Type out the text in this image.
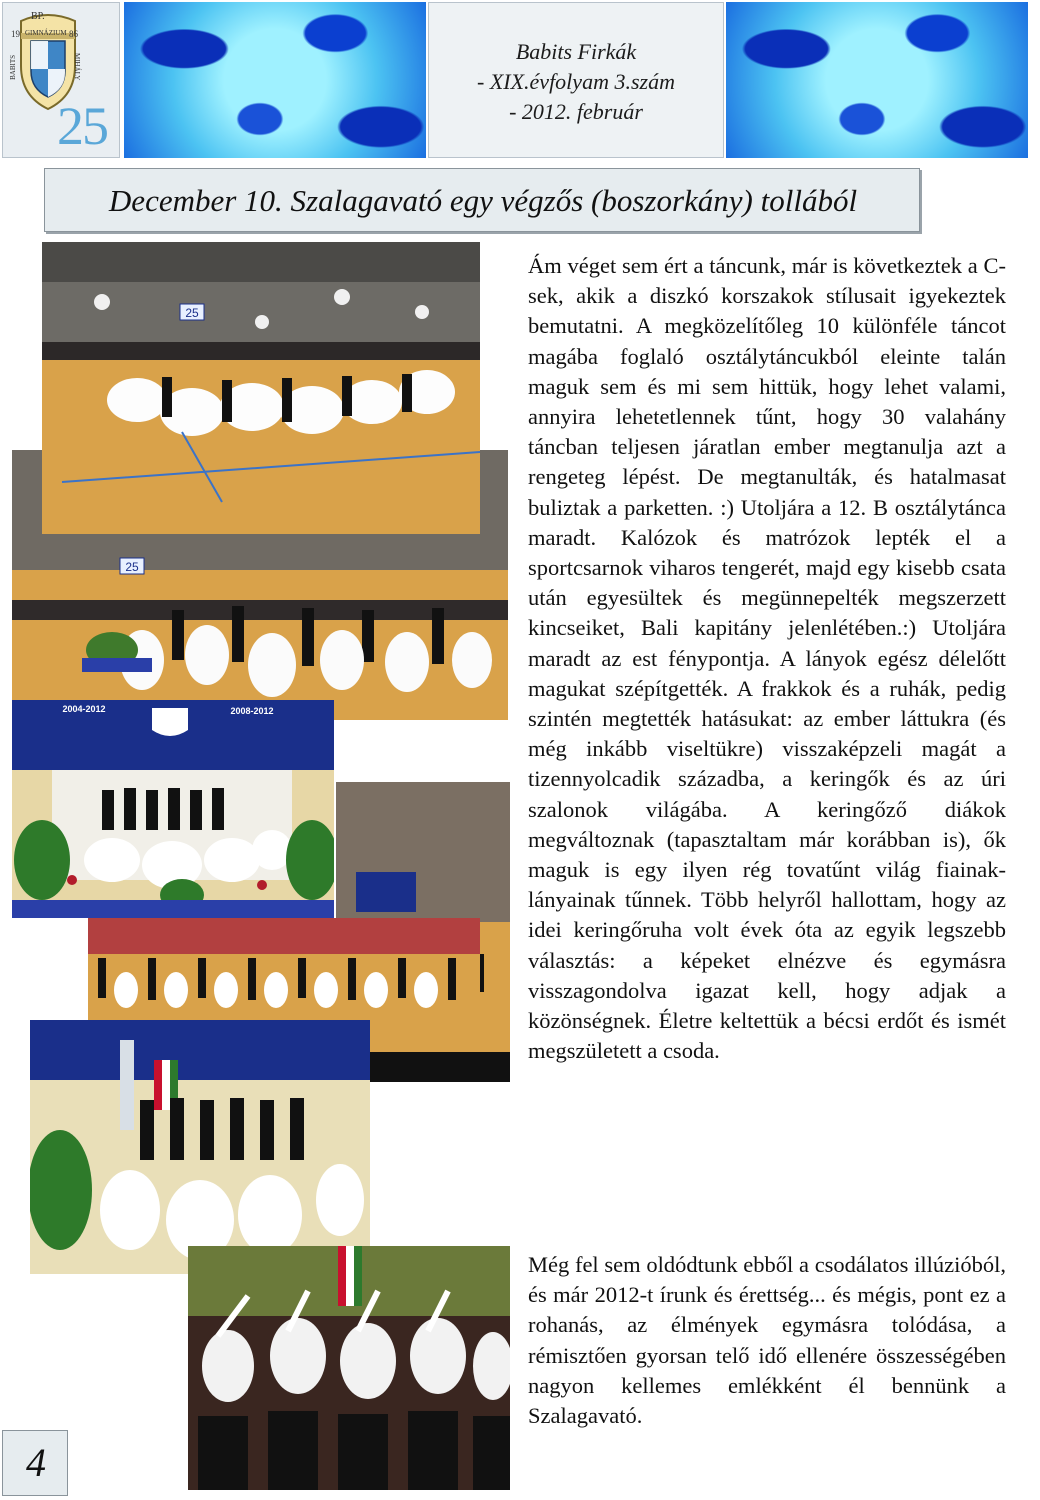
BP.
19 GIMNÁZIUM 86
BABITS	MIHÁLY
25
Babits Firkák
- XIX.évfolyam 3.szám
- 2012. február
December 10. Szalagavató egy végzős (boszorkány) tollából
25
25
2004-2012	2008-2012

Ám véget sem ért a táncunk, már is következtek a C-sek, akik a diszkó korszakok stílusait igyekeztek bemutatni. A megközelítőleg 10 különféle táncot magába foglaló osztálytáncukból eleinte talán maguk sem és mi sem hittük, hogy lehet valami, annyira lehetetlennek tűnt, hogy 30 valahány táncban teljesen járatlan ember megtanulja azt a rengeteg lépést. De megtanulták, és hatalmasat buliztak a parketten. :) Utoljára a 12. B osztálytánca maradt. Kalózok és matrózok lepték el a sportcsarnok viharos tengerét, majd egy kisebb csata után egyesültek és megünnepelték megszerzett kincseiket, Bali kapitány jelenlétében.:) Utoljára maradt az est fénypontja. A lányok egész délelőtt magukat szépítgették. A frakkok és a ruhák, pedig szintén megtették hatásukat: az ember láttukra (és még inkább viseltükre) visszaképzeli magát a tizennyolcadik századba, a keringők és az úri szalonok világába. A keringőző diákok megváltoznak (tapasztaltam már korábban is), ők maguk is egy ilyen rég tovatűnt világ fiainak-lányainak tűnnek. Több helyről hallottam, hogy az idei keringőruha volt évek óta az egyik legszebb választás: a képeket elnézve és egymásra visszagondolva igazat kell, hogy adjak a közönségnek. Életre keltettük a bécsi erdőt és ismét megszületett a csoda.

Még fel sem oldódtunk ebből a csodálatos illúzióból, és már 2012-t írunk és érettség... és mégis, pont ez a rohanás, az élmények egymásra tolódása, a rémisztően gyorsan telő idő ellenére összességében nagyon kellemes emlékként él bennünk a Szalagavató.

4
